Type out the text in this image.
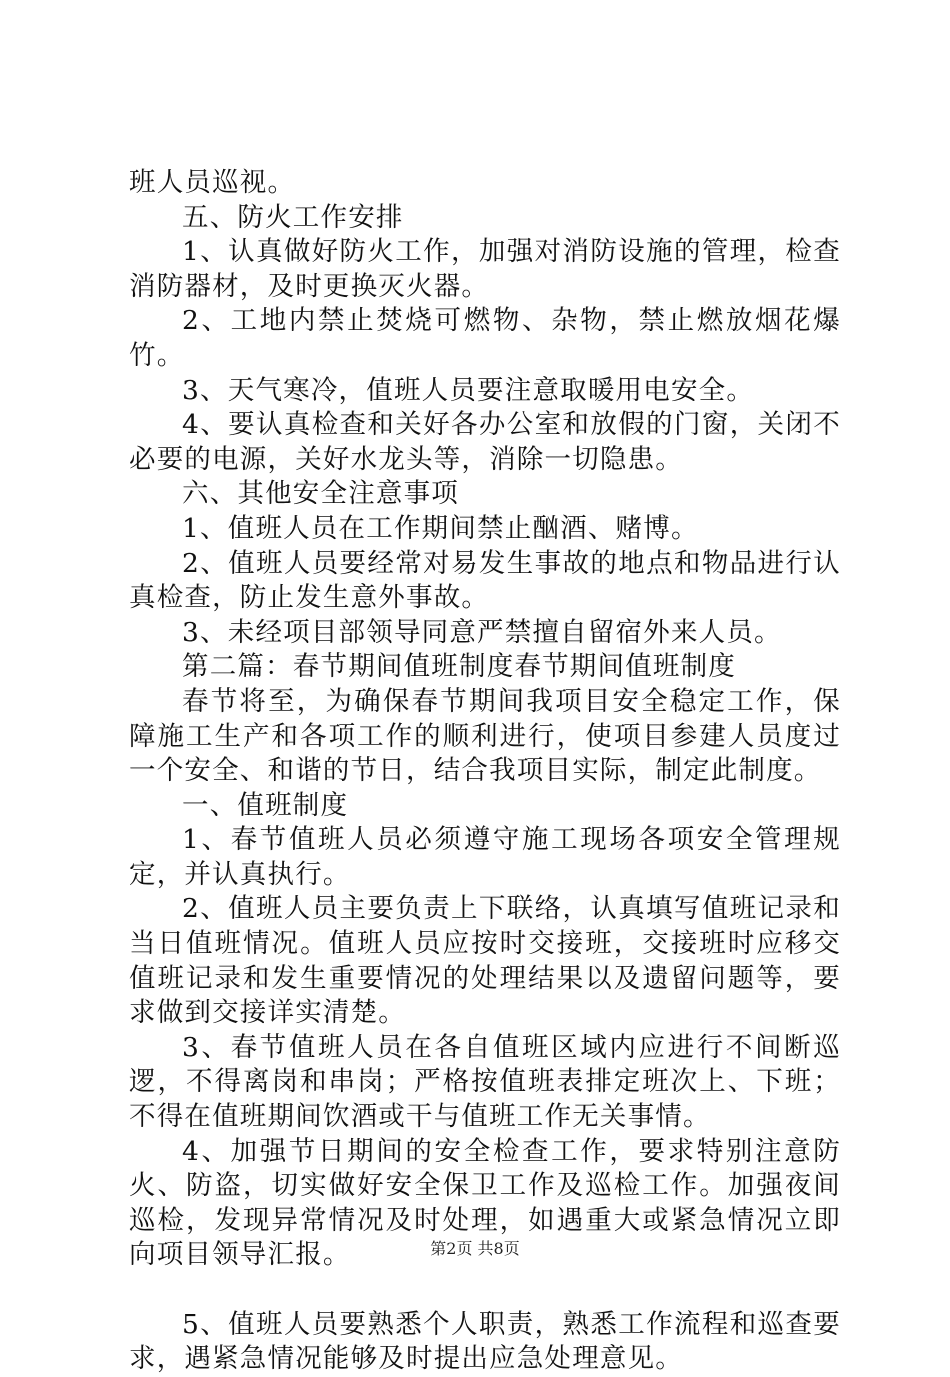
班人员巡视。

五、防火工作安排

1、认真做好防火工作，加强对消防设施的管理，检查消防器材，及时更换灭火器。

2、工地内禁止焚烧可燃物、杂物，禁止燃放烟花爆竹。

3、天气寒冷，值班人员要注意取暖用电安全。

4、要认真检查和关好各办公室和放假的门窗，关闭不必要的电源，关好水龙头等，消除一切隐患。

六、其他安全注意事项

1、值班人员在工作期间禁止酗酒、赌博。

2、值班人员要经常对易发生事故的地点和物品进行认真检查，防止发生意外事故。

3、未经项目部领导同意严禁擅自留宿外来人员。

第二篇：春节期间值班制度春节期间值班制度

春节将至，为确保春节期间我项目安全稳定工作，保障施工生产和各项工作的顺利进行，使项目参建人员度过一个安全、和谐的节日，结合我项目实际，制定此制度。

一、值班制度

1、春节值班人员必须遵守施工现场各项安全管理规定，并认真执行。

2、值班人员主要负责上下联络，认真填写值班记录和当日值班情况。值班人员应按时交接班，交接班时应移交值班记录和发生重要情况的处理结果以及遗留问题等，要求做到交接详实清楚。

3、春节值班人员在各自值班区域内应进行不间断巡逻，不得离岗和串岗；严格按值班表排定班次上、下班；不得在值班期间饮酒或干与值班工作无关事情。

4、加强节日期间的安全检查工作，要求特别注意防火、防盗，切实做好安全保卫工作及巡检工作。加强夜间巡检，发现异常情况及时处理，如遇重大或紧急情况立即向项目领导汇报。

5、值班人员要熟悉个人职责，熟悉工作流程和巡查要求，遇紧急情况能够及时提出应急处理意见。

第2页 共8页
